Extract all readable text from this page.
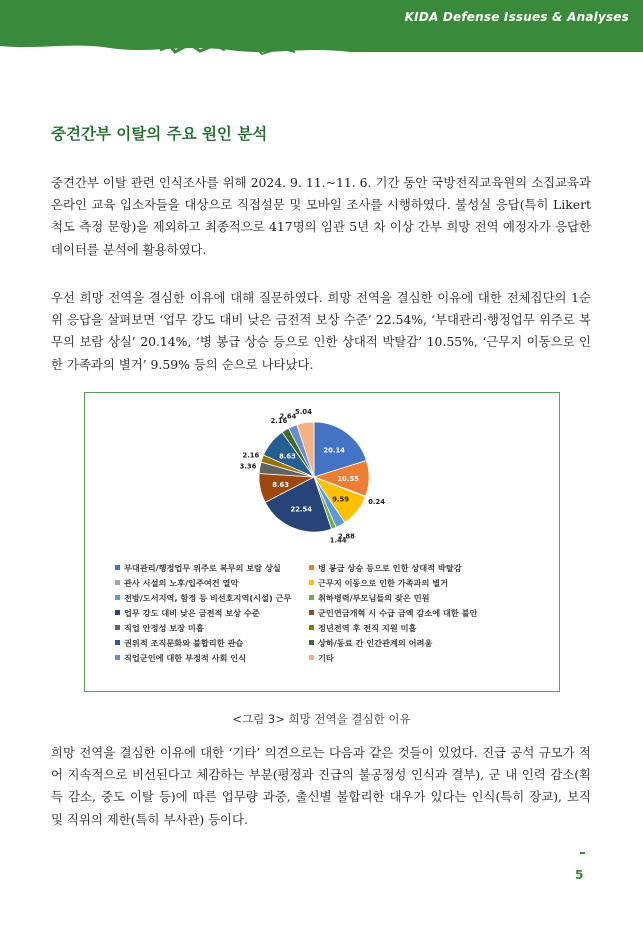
KIDA Defense Issues & Analyses
중견간부 이탈의 주요 원인 분석
중견간부 이탈 관련 인식조사를 위해 2024. 9. 11.~11. 6. 기간 동안 국방전직교육원의 소집교육과 온라인 교육 입소자들을 대상으로 직접설문 및 모바일 조사를 시행하였다. 불성실 응답(특히 Likert 척도 측정 문항)을 제외하고 최종적으로 417명의 임관 5년 차 이상 간부 희망 전역 예정자가 응답한 데이터를 분석에 활용하였다.
우선 희망 전역을 결심한 이유에 대해 질문하였다. 희망 전역을 결심한 이유에 대한 전체집단의 1순위 응답을 살펴보면 ‘업무 강도 대비 낮은 금전적 보상 수준’ 22.54%, ‘부대관리·행정업무 위주로 복무의 보람 상실’ 20.14%, ‘병 봉급 상승 등으로 인한 상대적 박탈감’ 10.55%, ‘근무지 이동으로 인한 가족과의 별거’ 9.59% 등의 순으로 나타났다.
20.14
10.55
0.24
9.59
2.88
1.44
22.54
8.63
3.36
2.16	8.63
2.16
2.64
5.04
부대관리/행정업무 위주로 복무의 보람 상실	병 봉급 상승 등으로 인한 상대적 박탈감
관사 시설의 노후/입주여건 열악	근무지 이동으로 인한 가족과의 별거
전방/도서지역, 함정 등 비선호지역(시설) 근무	취하병력/부모님들의 잦은 민원
업무 강도 대비 낮은 금전적 보상 수준	군인연금개혁 시 수급 금액 감소에 대한 불안
직업 안정성 보장 미흡	정년전역 후 전직 지원 미흡
권위적 조직문화와 불합리한 관습	상하/동료 간 인간관계의 어려움
직업군인에 대한 부정적 사회 인식	기타
<그림 3> 희망 전역을 결심한 이유
희망 전역을 결심한 이유에 대한 ‘기타’ 의견으로는 다음과 같은 것들이 있었다. 진급 공석 규모가 적어 지속적으로 비선된다고 체감하는 부분(평정과 진급의 불공정성 인식과 결부), 군 내 인력 감소(획득 감소, 중도 이탈 등)에 따른 업무량 과중, 출신별 불합리한 대우가 있다는 인식(특히 장교), 보직 및 직위의 제한(특히 부사관) 등이다.
5
